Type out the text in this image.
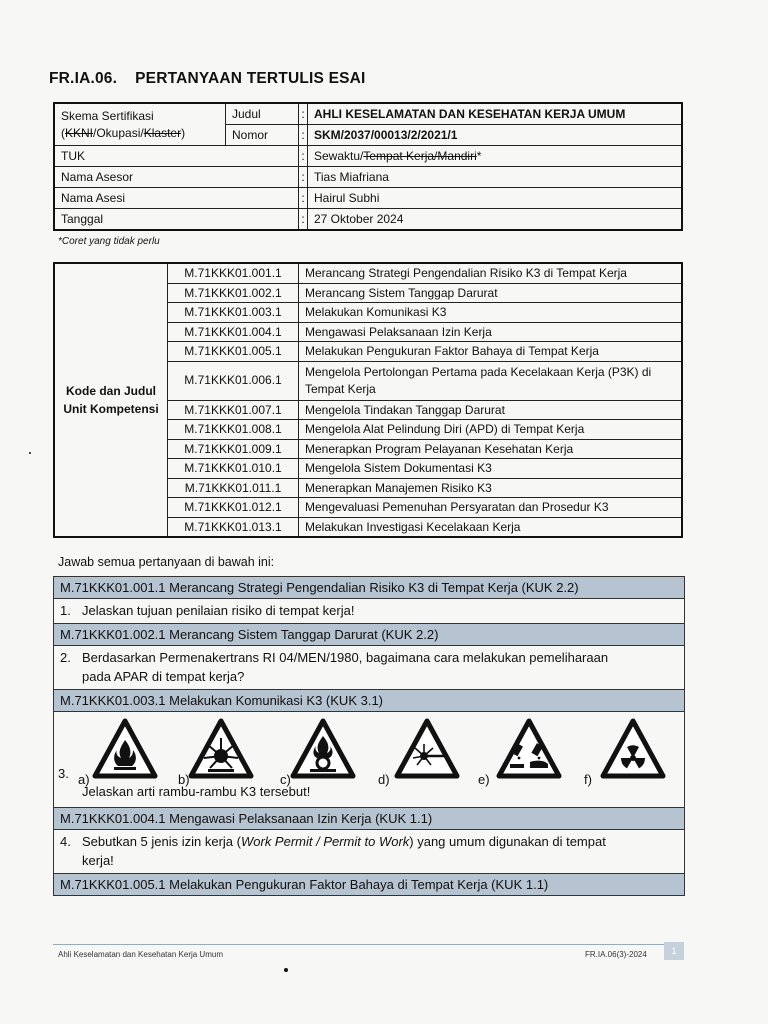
FR.IA.06. PERTANYAAN TERTULIS ESAI
Skema Sertifikasi
(KKNI/Okupasi/Klaster)	Judul	:	AHLI KESELAMATAN DAN KESEHATAN KERJA UMUM
	Nomor	:	SKM/2037/00013/2/2021/1
TUK		:	Sewaktu/Tempat Kerja/Mandiri*
Nama Asesor		:	Tias Miafriana
Nama Asesi		:	Hairul Subhi
Tanggal		:	27 Oktober 2024
*Coret yang tidak perlu
Kode dan Judul
Unit Kompetensi	M.71KKK01.001.1	Merancang Strategi Pengendalian Risiko K3 di Tempat Kerja
	M.71KKK01.002.1	Merancang Sistem Tanggap Darurat
	M.71KKK01.003.1	Melakukan Komunikasi K3
	M.71KKK01.004.1	Mengawasi Pelaksanaan Izin Kerja
	M.71KKK01.005.1	Melakukan Pengukuran Faktor Bahaya di Tempat Kerja
	M.71KKK01.006.1	Mengelola Pertolongan Pertama pada Kecelakaan Kerja (P3K) di Tempat Kerja
	M.71KKK01.007.1	Mengelola Tindakan Tanggap Darurat
	M.71KKK01.008.1	Mengelola Alat Pelindung Diri (APD) di Tempat Kerja
	M.71KKK01.009.1	Menerapkan Program Pelayanan Kesehatan Kerja
	M.71KKK01.010.1	Mengelola Sistem Dokumentasi K3
	M.71KKK01.011.1	Menerapkan Manajemen Risiko K3
	M.71KKK01.012.1	Mengevaluasi Pemenuhan Persyaratan dan Prosedur K3
	M.71KKK01.013.1	Melakukan Investigasi Kecelakaan Kerja
Jawab semua pertanyaan di bawah ini:
M.71KKK01.001.1 Merancang Strategi Pengendalian Risiko K3 di Tempat Kerja (KUK 2.2)
1. Jelaskan tujuan penilaian risiko di tempat kerja!
M.71KKK01.002.1 Merancang Sistem Tanggap Darurat (KUK 2.2)
2. Berdasarkan Permenakertrans RI 04/MEN/1980, bagaimana cara melakukan pemeliharaan

pada APAR di tempat kerja?
M.71KKK01.003.1 Melakukan Komunikasi K3 (KUK 3.1)
3. a)	b)	c)	d)	e)	f)
Jelaskan arti rambu-rambu K3 tersebut!
M.71KKK01.004.1 Mengawasi Pelaksanaan Izin Kerja (KUK 1.1)
4. Sebutkan 5 jenis izin kerja (Work Permit / Permit to Work) yang umum digunakan di tempat
kerja!
M.71KKK01.005.1 Melakukan Pengukuran Faktor Bahaya di Tempat Kerja (KUK 1.1)
Ahli Keselamatan dan Kesehatan Kerja Umum	FR.IA.06(3)-2024	1
